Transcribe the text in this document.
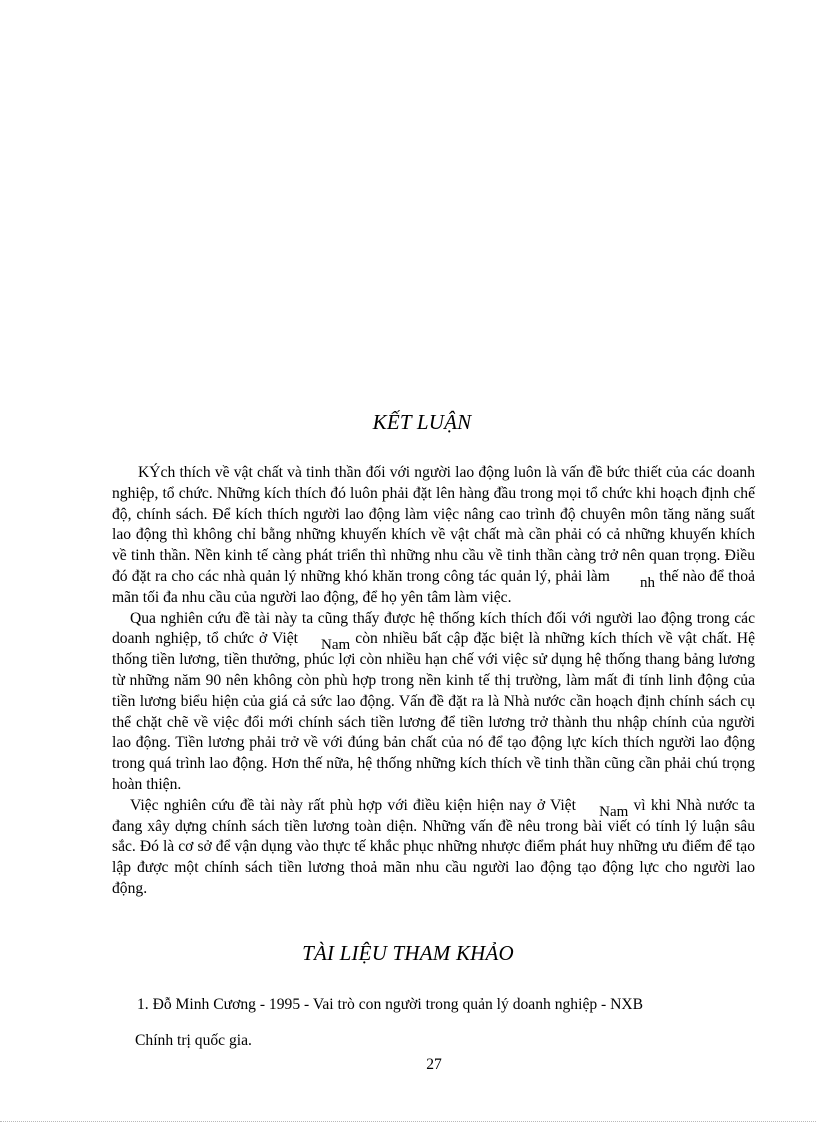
KẾT LUẬN

KÝch thích về vật chất và tinh thần đối với người lao động luôn là vấn đề bức thiết của các doanh nghiệp, tổ chức. Những kích thích đó luôn phải đặt lên hàng đầu trong mọi tổ chức khi hoạch định chế độ, chính sách. Để kích thích người lao động làm việc nâng cao trình độ chuyên môn tăng năng suất lao động thì không chỉ bằng những khuyến khích về vật chất mà cần phải có cả những khuyến khích về tinh thần. Nền kinh tế càng phát triển thì những nhu cầu về tinh thần càng trở nên quan trọng. Điều đó đặt ra cho các nhà quản lý những khó khăn trong công tác quản lý, phải làm nh thế nào để thoả mãn tối đa nhu cầu của người lao động, để họ yên tâm làm việc.

Qua nghiên cứu đề tài này ta cũng thấy được hệ thống kích thích đối với người lao động trong các doanh nghiệp, tổ chức ở Việt Nam còn nhiều bất cập đặc biệt là những kích thích về vật chất. Hệ thống tiền lương, tiền thưởng, phúc lợi còn nhiều hạn chế với việc sử dụng hệ thống thang bảng lương từ những năm 90 nên không còn phù hợp trong nền kinh tế thị trường, làm mất đi tính linh động của tiền lương biểu hiện của giá cả sức lao động. Vấn đề đặt ra là Nhà nước cần hoạch định chính sách cụ thể chặt chẽ về việc đổi mới chính sách tiền lương để tiền lương trở thành thu nhập chính của người lao động. Tiền lương phải trở về với đúng bản chất của nó để tạo động lực kích thích người lao động trong quá trình lao động. Hơn thế nữa, hệ thống những kích thích về tinh thần cũng cần phải chú trọng hoàn thiện.

Việc nghiên cứu đề tài này rất phù hợp với điều kiện hiện nay ở Việt Nam vì khi Nhà nước ta đang xây dựng chính sách tiền lương toàn diện. Những vấn đề nêu trong bài viết có tính lý luận sâu sắc. Đó là cơ sở để vận dụng vào thực tế khắc phục những nhược điểm phát huy những ưu điểm để tạo lập được một chính sách tiền lương thoả mãn nhu cầu người lao động tạo động lực cho người lao động.

TÀI LIỆU THAM KHẢO

1. Đỗ Minh Cương - 1995 - Vai trò con người trong quản lý doanh nghiệp - NXB
Chính trị quốc gia.

27
